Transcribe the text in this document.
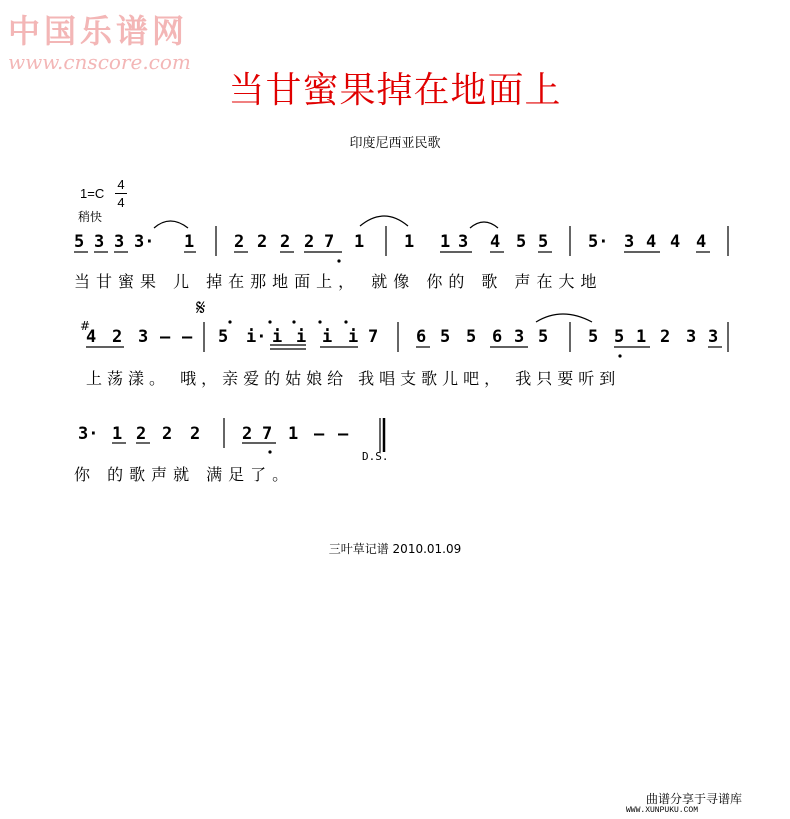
中国乐谱网
www.cnscore.com
当甘蜜果掉在地面上
印度尼西亚民歌
1=C
4
4
稍快
5 3 3 3· 1 2 2 2 2 7 1 1 1 3 4 5 5 5· 3 4 4 4
当甘蜜果 儿 掉在那地面上， 就像 你的 歌 声在大地
4 2 3 – – 5 i· i i i i 7 6 5 5 6 3 5 5 5 1 2 3 3
上荡漾。 哦，亲爱的姑娘给 我唱支歌儿吧， 我只要听到
3· 1 2 2 2 2 7 1 – –
你 的歌声就 满足了。
D.S.
𝄋
#
三叶草记谱 2010.01.09
曲谱分享于寻谱库
WWW.XUNPUKU.COM
